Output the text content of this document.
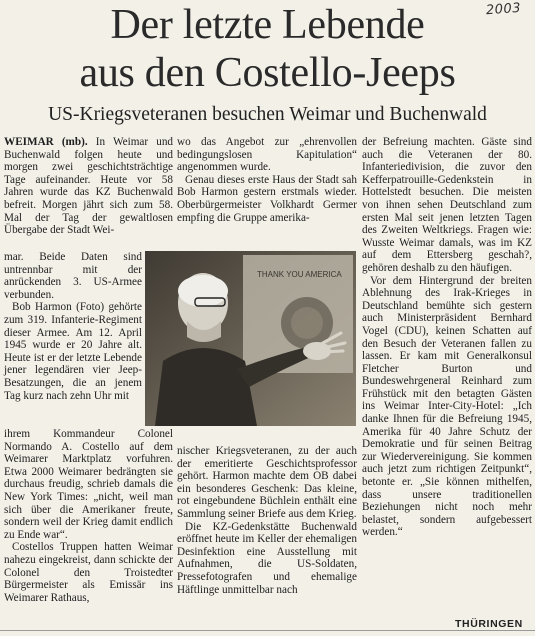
2003
Der letzte Lebende
aus den Costello-Jeeps
US-Kriegsveteranen besuchen Weimar und Buchenwald

WEIMAR (mb). In Weimar und Buchenwald folgen heute und morgen zwei geschichtsträchtige Tage aufeinander. Heute vor 58 Jahren wurde das KZ Buchenwald befreit. Morgen jährt sich zum 58. Mal der Tag der gewaltlosen Übergabe der Stadt Wei-

mar. Beide Daten sind untrennbar mit der anrückenden 3. US-Armee verbunden.

Bob Harmon (Foto) gehörte zum 319. Infanterie-Regiment dieser Armee. Am 12. April 1945 wurde er 20 Jahre alt. Heute ist er der letzte Lebende jener legendären vier Jeep-Besatzungen, die an jenem Tag kurz nach zehn Uhr mit

THANK YOU AMERICA

ihrem Kommandeur Colonel Normando A. Costello auf dem Weimarer Marktplatz vorfuhren. Etwa 2000 Weimarer bedrängten sie durchaus freudig, schrieb damals die New York Times: „nicht, weil man sich über die Amerikaner freute, sondern weil der Krieg damit endlich zu Ende war“.

Costellos Truppen hatten Weimar nahezu eingekreist, dann schickte der Colonel den Troistedter Bürgermeister als Emissär ins Weimarer Rathaus,

wo das Angebot zur „ehrenvollen bedingungslosen Kapitulation“ angenommen wurde.

Genau dieses erste Haus der Stadt sah Bob Harmon gestern erstmals wieder. Oberbürgermeister Volkhardt Germer empfing die Gruppe amerika-

nischer Kriegsveteranen, zu der auch der emeritierte Geschichtsprofessor gehört. Harmon machte dem OB dabei ein besonderes Geschenk: Das kleine, rot eingebundene Büchlein enthält eine Sammlung seiner Briefe aus dem Krieg.

Die KZ-Gedenkstätte Buchenwald eröffnet heute im Keller der ehemaligen Desinfektion eine Ausstellung mit Aufnahmen, die US-Soldaten, Pressefotografen und ehemalige Häftlinge unmittelbar nach

der Befreiung machten. Gäste sind auch die Veteranen der 80. Infanteriedivision, die zuvor den Kefferpatrouille-Gedenkstein in Hottelstedt besuchen. Die meisten von ihnen sehen Deutschland zum ersten Mal seit jenen letzten Tagen des Zweiten Weltkriegs. Fragen wie: Wusste Weimar damals, was im KZ auf dem Ettersberg geschah?, gehören deshalb zu den häufigen.

Vor dem Hintergrund der breiten Ablehnung des Irak-Krieges in Deutschland bemühte sich gestern auch Ministerpräsident Bernhard Vogel (CDU), keinen Schatten auf den Besuch der Veteranen fallen zu lassen. Er kam mit Generalkonsul Fletcher Burton und Bundeswehrgeneral Reinhard zum Frühstück mit den betagten Gästen ins Weimar Inter-City-Hotel: „Ich danke Ihnen für die Befreiung 1945, Amerika für 40 Jahre Schutz der Demokratie und für seinen Beitrag zur Wiedervereinigung. Sie kommen auch jetzt zum richtigen Zeitpunkt“, betonte er. „Sie können mithelfen, dass unsere traditionellen Beziehungen nicht noch mehr belastet, sondern aufgebessert werden.“

THÜRINGEN
